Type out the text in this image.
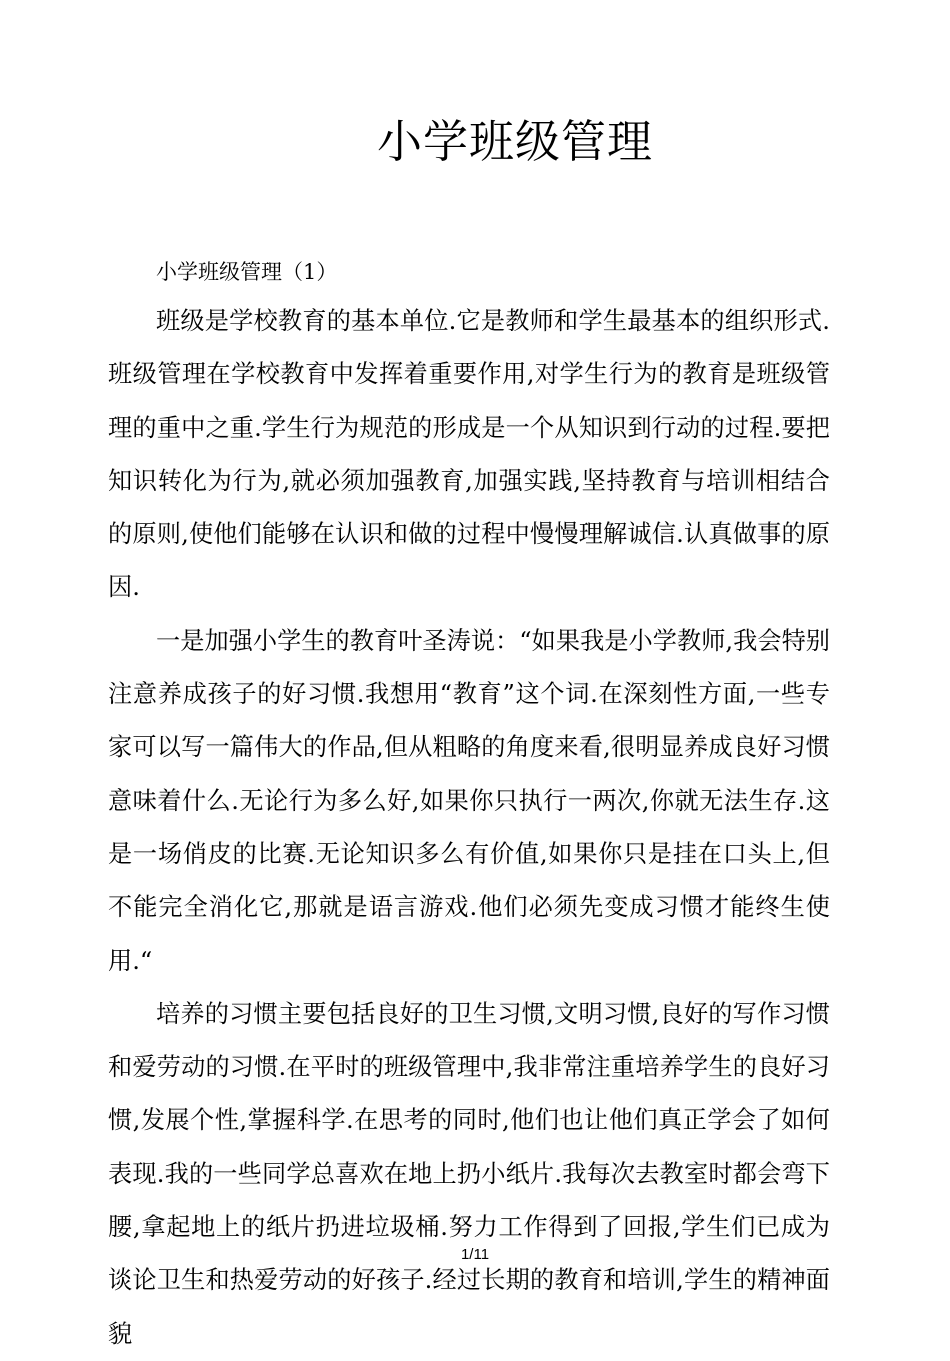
小学班级管理

小学班级管理（1）

班级是学校教育的基本单位.它是教师和学生最基本的组织形式.班级管理在学校教育中发挥着重要作用,对学生行为的教育是班级管理的重中之重.学生行为规范的形成是一个从知识到行动的过程.要把知识转化为行为,就必须加强教育,加强实践,坚持教育与培训相结合的原则,使他们能够在认识和做的过程中慢慢理解诚信.认真做事的原因.

一是加强小学生的教育叶圣涛说：“如果我是小学教师,我会特别注意养成孩子的好习惯.我想用“教育”这个词.在深刻性方面,一些专家可以写一篇伟大的作品,但从粗略的角度来看,很明显养成良好习惯意味着什么.无论行为多么好,如果你只执行一两次,你就无法生存.这是一场俏皮的比赛.无论知识多么有价值,如果你只是挂在口头上,但不能完全消化它,那就是语言游戏.他们必须先变成习惯才能终生使用.“

培养的习惯主要包括良好的卫生习惯,文明习惯,良好的写作习惯和爱劳动的习惯.在平时的班级管理中,我非常注重培养学生的良好习惯,发展个性,掌握科学.在思考的同时,他们也让他们真正学会了如何表现.我的一些同学总喜欢在地上扔小纸片.我每次去教室时都会弯下腰,拿起地上的纸片扔进垃圾桶.努力工作得到了回报,学生们已成为谈论卫生和热爱劳动的好孩子.经过长期的教育和培训,学生的精神面貌

1/11
